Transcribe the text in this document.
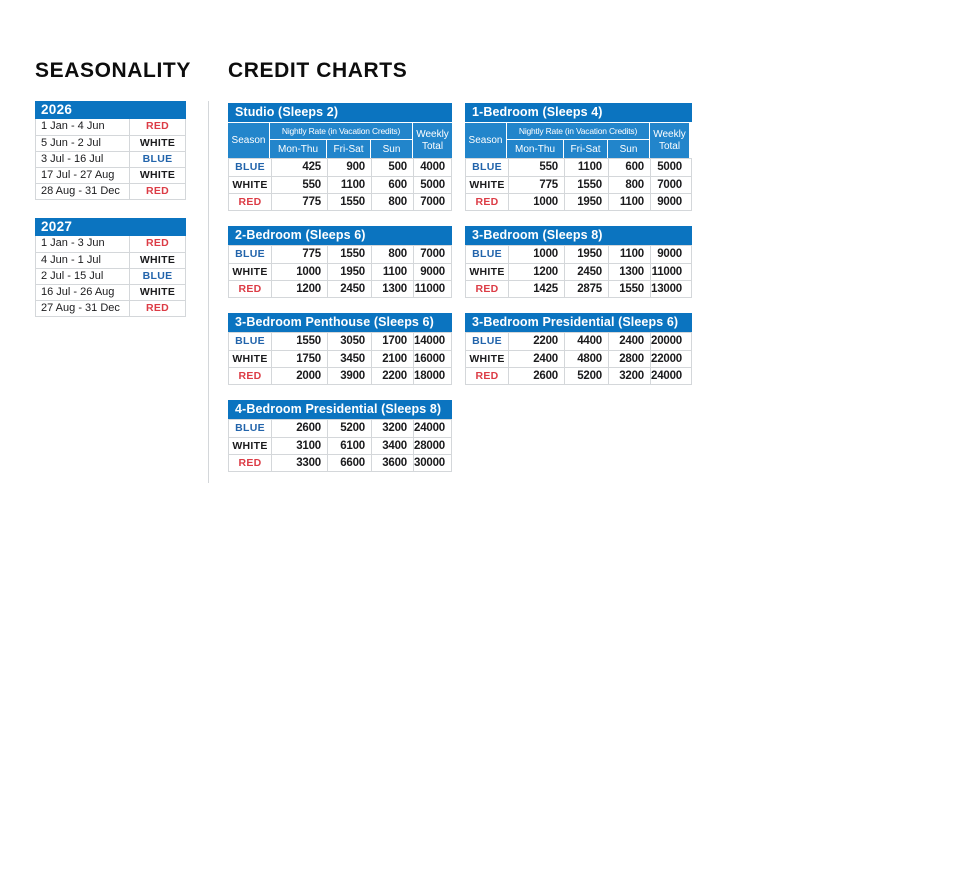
SEASONALITY CREDIT CHARTS
2026
1 Jan - 4 Jun	RED
5 Jun - 2 Jul	WHITE
3 Jul - 16 Jul	BLUE
17 Jul - 27 Aug	WHITE
28 Aug - 31 Dec	RED
2027
1 Jan - 3 Jun	RED
4 Jun - 1 Jul	WHITE
2 Jul - 15 Jul	BLUE
16 Jul - 26 Aug	WHITE
27 Aug - 31 Dec	RED
Studio (Sleeps 2)
Season
Nightly Rate (in Vacation Credits)	Weekly Total
Mon-Thu	Fri-Sat	Sun
BLUE	425	900	500	4000
WHITE	550	1100	600	5000
RED	775	1550	800	7000
1-Bedroom (Sleeps 4)
Season
Nightly Rate (in Vacation Credits)	Weekly Total
Mon-Thu	Fri-Sat	Sun
BLUE	550	1100	600	5000
WHITE	775	1550	800	7000
RED	1000	1950	1100	9000
2-Bedroom (Sleeps 6)
BLUE	775	1550	800	7000
WHITE	1000	1950	1100	9000
RED	1200	2450	1300 11000
3-Bedroom (Sleeps 8)
BLUE	1000	1950	1100	9000
WHITE	1200	2450	1300 11000
RED	1425	2875	1550 13000
3-Bedroom Penthouse (Sleeps 6)
BLUE	1550	3050	1700 14000
WHITE	1750	3450	2100 16000
RED	2000	3900	2200 18000
3-Bedroom Presidential (Sleeps 6)
BLUE	2200	4400	2400 20000
WHITE	2400	4800	2800 22000
RED	2600	5200	3200 24000
4-Bedroom Presidential (Sleeps 8)
BLUE	2600	5200	3200 24000
WHITE	3100	6100	3400 28000
RED	3300	6600	3600 30000
